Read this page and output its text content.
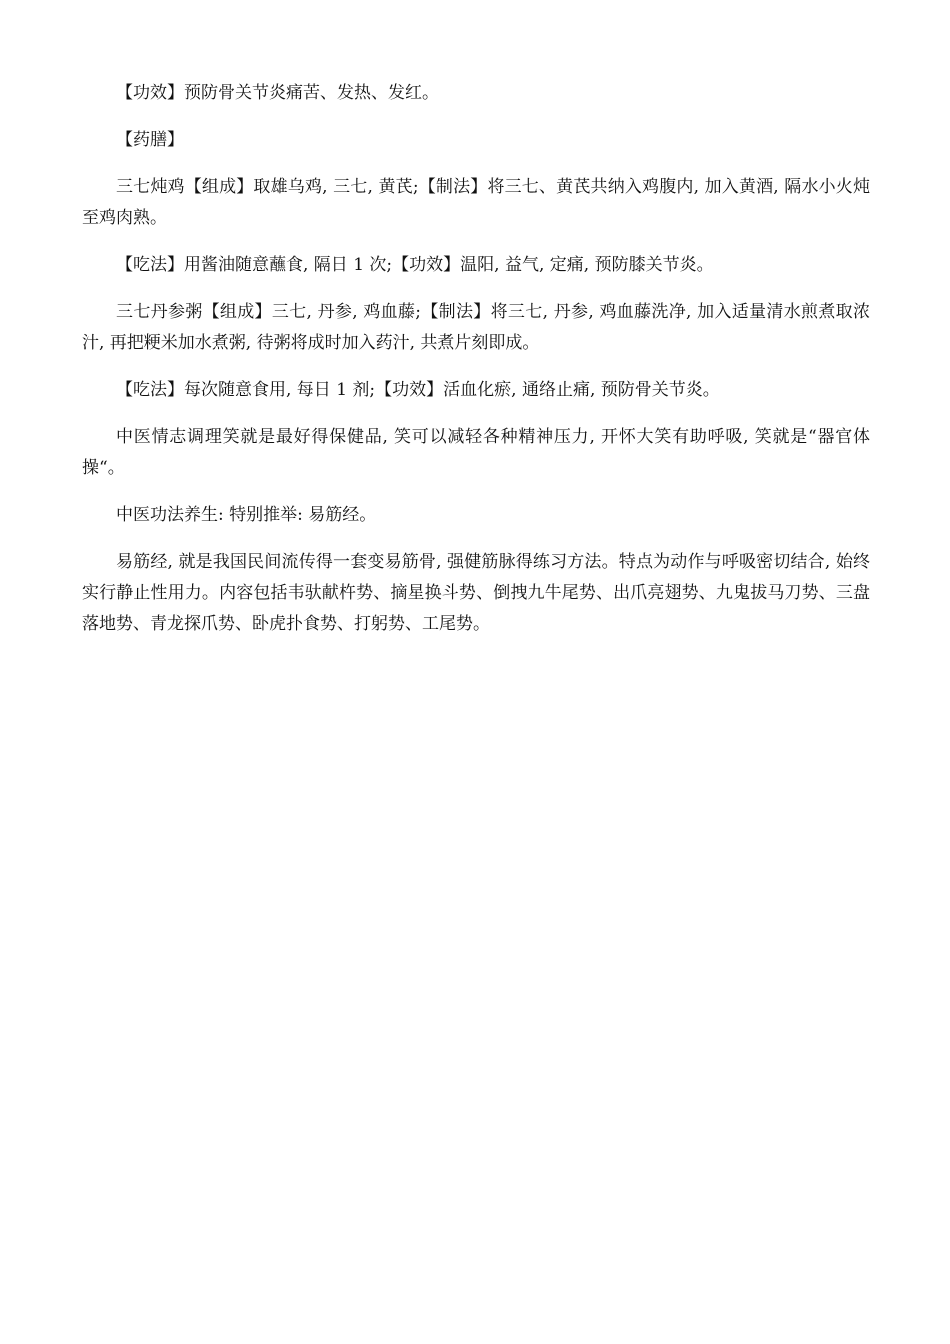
【功效】预防骨关节炎痛苦、发热、发红。

【药膳】

三七炖鸡【组成】取雄乌鸡, 三七, 黄芪;【制法】将三七、黄芪共纳入鸡腹内, 加入黄酒, 隔水小火炖至鸡肉熟。

【吃法】用酱油随意蘸食, 隔日 1 次;【功效】温阳, 益气, 定痛, 预防膝关节炎。

三七丹参粥【组成】三七, 丹参, 鸡血藤;【制法】将三七, 丹参, 鸡血藤洗净, 加入适量清水煎煮取浓汁, 再把粳米加水煮粥, 待粥将成时加入药汁, 共煮片刻即成。

【吃法】每次随意食用, 每日 1 剂;【功效】活血化瘀, 通络止痛, 预防骨关节炎。

中医情志调理笑就是最好得保健品, 笑可以减轻各种精神压力, 开怀大笑有助呼吸, 笑就是“器官体操“。

中医功法养生: 特别推举: 易筋经。

易筋经, 就是我国民间流传得一套变易筋骨, 强健筋脉得练习方法。特点为动作与呼吸密切结合, 始终实行静止性用力。内容包括韦驮献杵势、摘星换斗势、倒拽九牛尾势、出爪亮翅势、九鬼拔马刀势、三盘落地势、青龙探爪势、卧虎扑食势、打躬势、工尾势。
